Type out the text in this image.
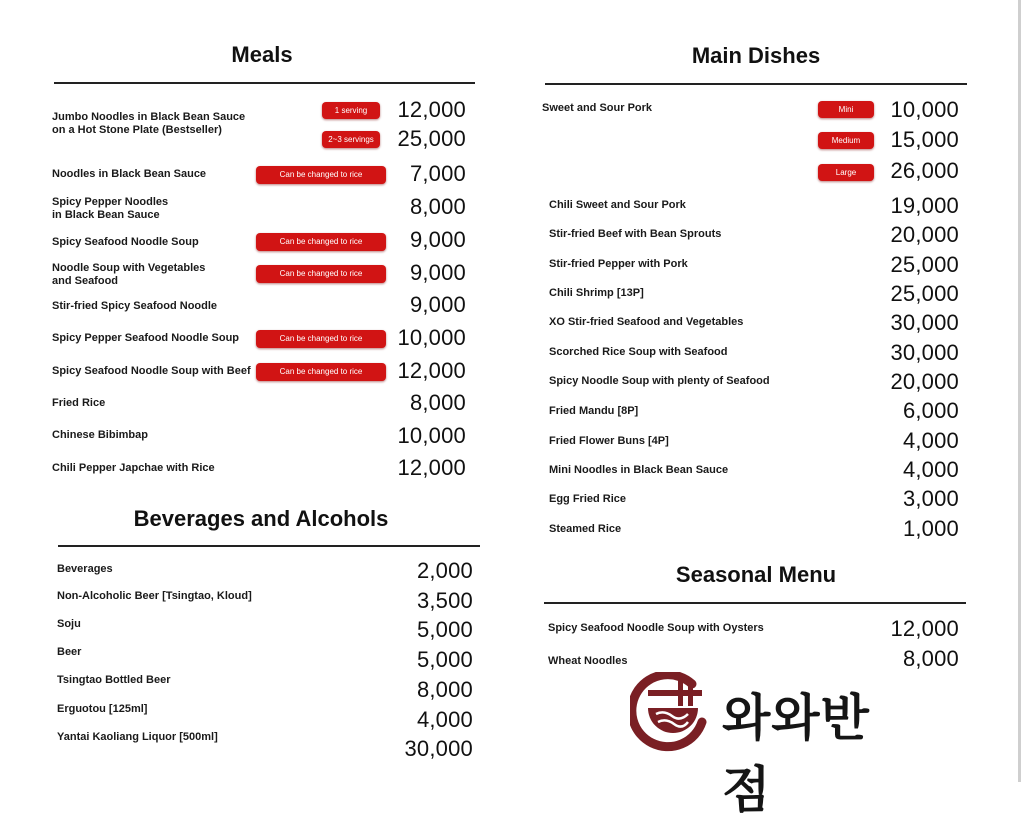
Meals
Jumbo Noodles in Black Bean Sauce
on a Hot Stone Plate (Bestseller)
1 serving	12,000
2~3 servings	25,000
Noodles in Black Bean Sauce	Can be changed to rice	7,000
Spicy Pepper Noodles
in Black Bean Sauce	8,000
Spicy Seafood Noodle Soup	Can be changed to rice	9,000
Noodle Soup with Vegetables
and Seafood
Can be changed to rice	9,000
Stir-fried Spicy Seafood Noodle	9,000
Spicy Pepper Seafood Noodle Soup	Can be changed to rice	10,000
Spicy Seafood Noodle Soup with Beef	Can be changed to rice	12,000
Fried Rice	8,000
Chinese Bibimbap	10,000
Chili Pepper Japchae with Rice	12,000
Beverages and Alcohols
Beverages	2,000
Non-Alcoholic Beer [Tsingtao, Kloud]	3,500
Soju	5,000
Beer	5,000
Tsingtao Bottled Beer	8,000
Erguotou [125ml]	4,000
Yantai Kaoliang Liquor [500ml]	30,000
Main Dishes
Sweet and Sour Pork	Mini	10,000
Medium	15,000
Large	26,000
Chili Sweet and Sour Pork	19,000
Stir-fried Beef with Bean Sprouts	20,000
Stir-fried Pepper with Pork	25,000
Chili Shrimp [13P]	25,000
XO Stir-fried Seafood and Vegetables	30,000
Scorched Rice Soup with Seafood	30,000
Spicy Noodle Soup with plenty of Seafood	20,000
Fried Mandu [8P]	6,000
Fried Flower Buns [4P]	4,000
Mini Noodles in Black Bean Sauce	4,000
Egg Fried Rice	3,000
Steamed Rice	1,000
Seasonal Menu
Spicy Seafood Noodle Soup with Oysters	12,000
Wheat Noodles	8,000
와와반점
